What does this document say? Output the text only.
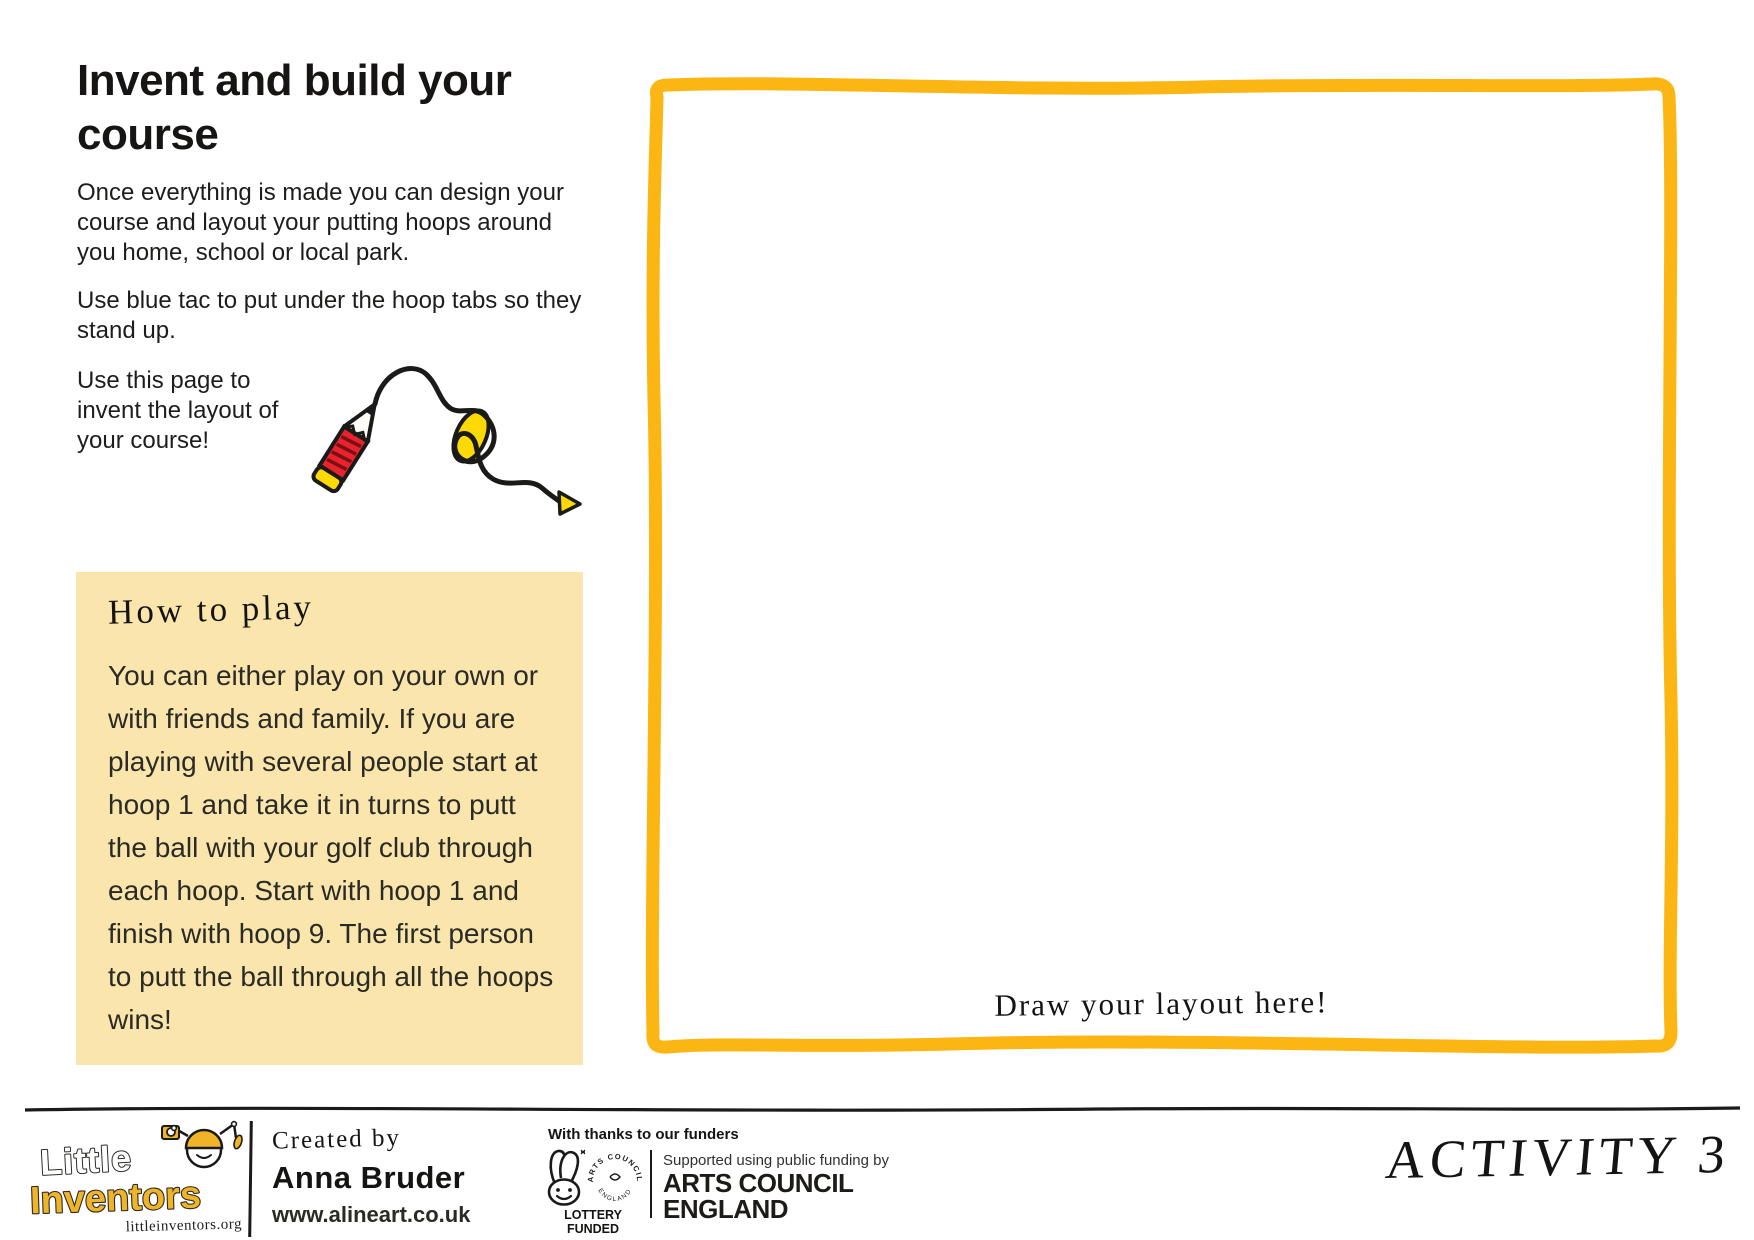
Invent and build your course

Once everything is made you can design your course and layout your putting hoops around you home, school or local park.

Use blue tac to put under the hoop tabs so they stand up.

Use this page to invent the layout of your course!

How to play

You can either play on your own or with friends and family. If you are playing with several people start at hoop 1 and take it in turns to putt the ball with your golf club through each hoop. Start with hoop 1 and finish with hoop 9. The first person to putt the ball through all the hoops wins!	Draw your layout here!
Little
Inventors
littleinventors.org
Created by
Anna Bruder
www.alineart.co.uk
With thanks to our funders
LOTTERY FUNDED
ARTS COUNCIL
ENGLAND
Supported using public funding by
ARTS COUNCIL
ENGLAND
ACTIVITY 3
